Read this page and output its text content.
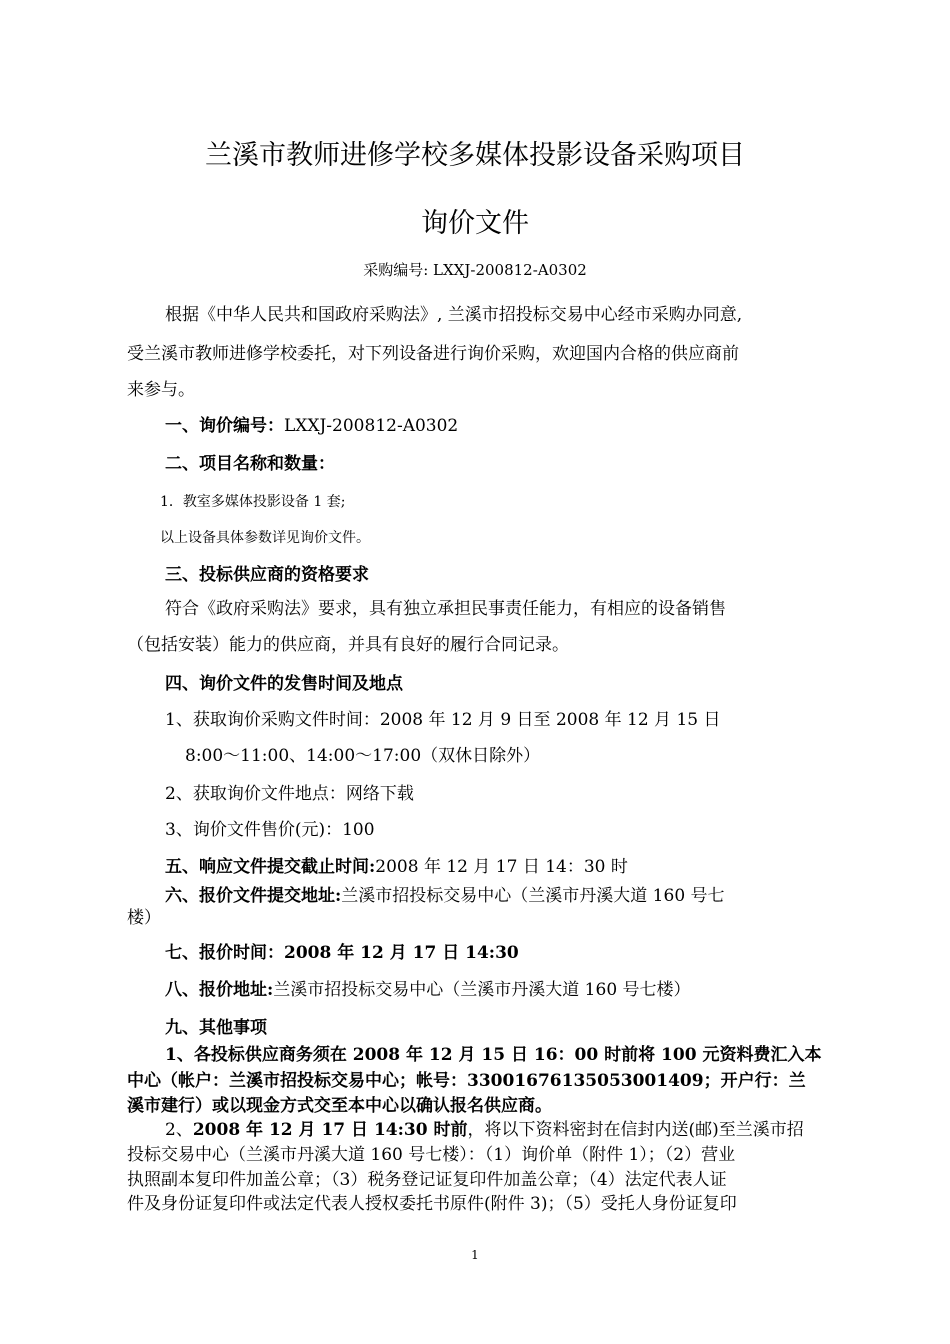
兰溪市教师进修学校多媒体投影设备采购项目
询价文件

采购编号: LXXJ-200812-A0302

根据《中华人民共和国政府采购法》, 兰溪市招投标交易中心经市采购办同意,

受兰溪市教师进修学校委托，对下列设备进行询价采购，欢迎国内合格的供应商前

来参与。

一、询价编号：LXXJ-200812-A0302

二、项目名称和数量：

1．教室多媒体投影设备 1 套;

以上设备具体参数详见询价文件。

三、投标供应商的资格要求

符合《政府采购法》要求，具有独立承担民事责任能力，有相应的设备销售

（包括安装）能力的供应商，并具有良好的履行合同记录。

四、询价文件的发售时间及地点

1、获取询价采购文件时间：2008 年 12 月 9 日至 2008 年 12 月 15 日

8:00～11:00、14:00～17:00（双休日除外）

2、获取询价文件地点：网络下载

3、询价文件售价(元)：100

五、响应文件提交截止时间:2008 年 12 月 17 日 14：30 时

六、报价文件提交地址:兰溪市招投标交易中心（兰溪市丹溪大道 160 号七

楼）

七、报价时间：2008 年 12 月 17 日 14:30

八、报价地址:兰溪市招投标交易中心（兰溪市丹溪大道 160 号七楼）

九、其他事项

1、各投标供应商务须在 2008 年 12 月 15 日 16：00 时前将 100 元资料费汇入本

中心（帐户：兰溪市招投标交易中心；帐号：33001676135053001409；开户行：兰

溪市建行）或以现金方式交至本中心以确认报名供应商。

2、2008 年 12 月 17 日 14:30 时前，将以下资料密封在信封内送(邮)至兰溪市招

投标交易中心（兰溪市丹溪大道 160 号七楼）：（1）询价单（附件 1）；（2）营业

执照副本复印件加盖公章；（3）税务登记证复印件加盖公章；（4）法定代表人证

件及身份证复印件或法定代表人授权委托书原件(附件 3)；（5）受托人身份证复印

1
